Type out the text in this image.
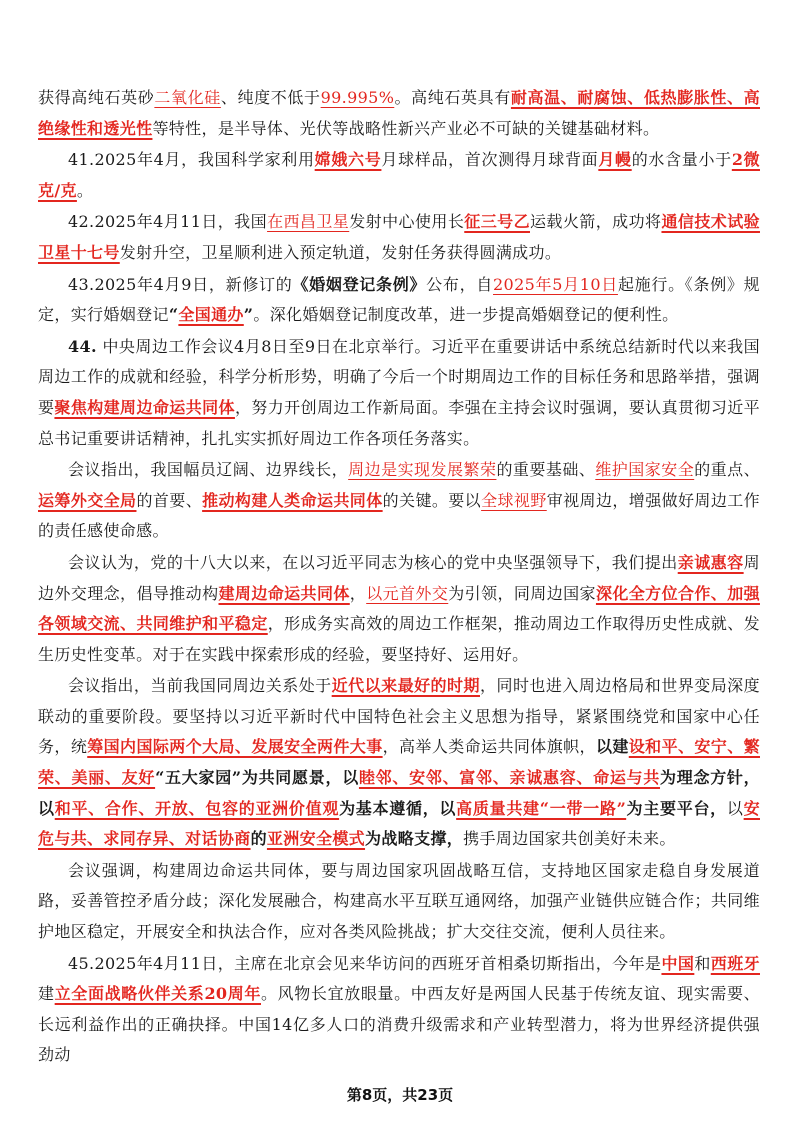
获得高纯石英砂二氧化硅、纯度不低于99.995%。高纯石英具有耐高温、耐腐蚀、低热膨胀性、高绝缘性和透光性等特性，是半导体、光伏等战略性新兴产业必不可缺的关键基础材料。

41.2025年4月，我国科学家利用嫦娥六号月球样品，首次测得月球背面月幔的水含量小于2微克/克。

42.2025年4月11日，我国在西昌卫星发射中心使用长征三号乙运载火箭，成功将通信技术试验卫星十七号发射升空，卫星顺利进入预定轨道，发射任务获得圆满成功。

43.2025年4月9日，新修订的《婚姻登记条例》公布，自2025年5月10日起施行。《条例》规定，实行婚姻登记“全国通办”。深化婚姻登记制度改革，进一步提高婚姻登记的便利性。

44. 中央周边工作会议4月8日至9日在北京举行。习近平在重要讲话中系统总结新时代以来我国周边工作的成就和经验，科学分析形势，明确了今后一个时期周边工作的目标任务和思路举措，强调要聚焦构建周边命运共同体，努力开创周边工作新局面。李强在主持会议时强调，要认真贯彻习近平总书记重要讲话精神，扎扎实实抓好周边工作各项任务落实。

会议指出，我国幅员辽阔、边界线长，周边是实现发展繁荣的重要基础、维护国家安全的重点、运筹外交全局的首要、推动构建人类命运共同体的关键。要以全球视野审视周边，增强做好周边工作的责任感使命感。

会议认为，党的十八大以来，在以习近平同志为核心的党中央坚强领导下，我们提出亲诚惠容周边外交理念，倡导推动构建周边命运共同体，以元首外交为引领，同周边国家深化全方位合作、加强各领域交流、共同维护和平稳定，形成务实高效的周边工作框架，推动周边工作取得历史性成就、发生历史性变革。对于在实践中探索形成的经验，要坚持好、运用好。

会议指出，当前我国同周边关系处于近代以来最好的时期，同时也进入周边格局和世界变局深度联动的重要阶段。要坚持以习近平新时代中国特色社会主义思想为指导，紧紧围绕党和国家中心任务，统筹国内国际两个大局、发展安全两件大事，高举人类命运共同体旗帜，以建设和平、安宁、繁荣、美丽、友好“五大家园”为共同愿景，以睦邻、安邻、富邻、亲诚惠容、命运与共为理念方针，以和平、合作、开放、包容的亚洲价值观为基本遵循，以高质量共建“一带一路”为主要平台，以安危与共、求同存异、对话协商的亚洲安全模式为战略支撑，携手周边国家共创美好未来。

会议强调，构建周边命运共同体，要与周边国家巩固战略互信，支持地区国家走稳自身发展道路，妥善管控矛盾分歧；深化发展融合，构建高水平互联互通网络，加强产业链供应链合作；共同维护地区稳定，开展安全和执法合作，应对各类风险挑战；扩大交往交流，便利人员往来。

45.2025年4月11日，主席在北京会见来华访问的西班牙首相桑切斯指出，今年是中国和西班牙建立全面战略伙伴关系20周年。风物长宜放眼量。中西友好是两国人民基于传统友谊、现实需要、长远利益作出的正确抉择。中国14亿多人口的消费升级需求和产业转型潜力，将为世界经济提供强劲动

第8页，共23页
